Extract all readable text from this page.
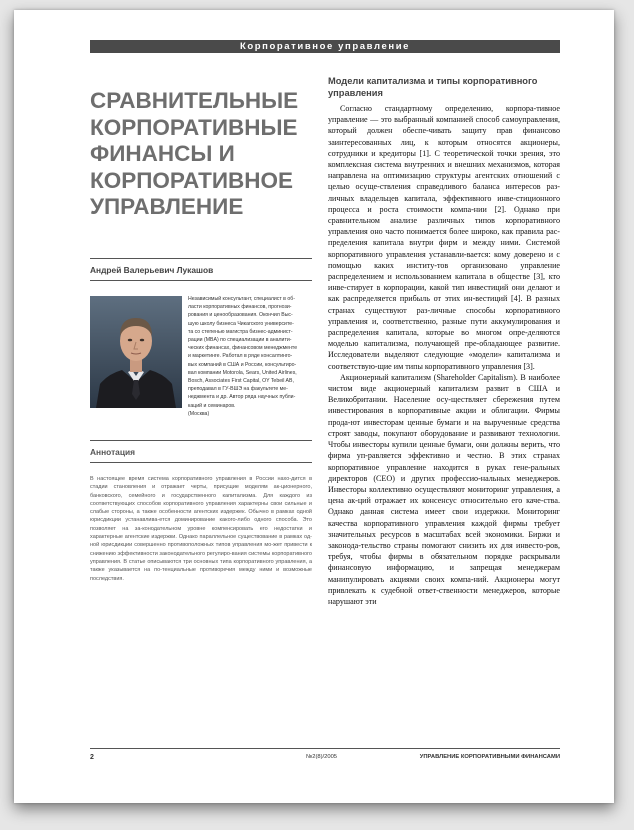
Корпоративное управление
СРАВНИТЕЛЬНЫЕ КОРПОРАТИВНЫЕ ФИНАНСЫ И КОРПОРАТИВНОЕ УПРАВЛЕНИЕ
Андрей Валерьевич Лукашов
Независимый консультант, специалист в об-
ласти корпоративных финансов, прогнози-
рования и ценообразования. Окончил Выс-
шую школу бизнеса Чикагского университе-
та со степенью магистра бизнес-админист-
рации (MBA) по специализации в аналити-
ческих финансах, финансовом менеджменте
и маркетинге. Работал в ряде консалтинго-
вых компаний в США и России, консультиро-
вал компании Motorola, Sears, United Airlines,
Bosch, Associates First Capital, OY Tebeil AB,
преподавал в ГУ-ВШЭ на факультете ме-
неджмента и др. Автор ряда научных публи-
каций и семинаров.
(Москва)
Аннотация

В настоящее время система корпоративного управления в России нахо-дится в стадии становления и отражает черты, присущие моделям ак-ционерного, банковского, семейного и государственного капитализма. Для каждого из соответствующих способов корпоративного управления характерны свои сильные и слабые стороны, а также особенности агентских издержек. Обычно в рамках одной юрисдикции устанавлива-ется доминирование какого-либо одного способа. Это позволяет на за-конодательном уровне компенсировать его недостатки и характерные агентские издержки. Однако параллельное существование в рамках од-ной юрисдикции совершенно противоположных типов управления мо-жет привести к снижению эффективности законодательного регулиро-вания системы корпоративного управления. В статье описываются три основных типа корпоративного управления, а также указывается на по-тенциальные противоречия между ними и возможные последствия.

Модели капитализма и типы корпоративного управления

Согласно стандартному определению, корпора-тивное управление — это выбранный компанией способ самоуправления, который должен обеспе-чивать защиту прав финансово заинтересованных лиц, к которым относятся акционеры, сотрудники и кредиторы [1]. С теоретической точки зрения, это комплексная система внутренних и внешних механизмов, которая направлена на оптимизацию структуры агентских отношений с целью осуще-ствления справедливого баланса интересов раз-личных владельцев капитала, эффективного инве-стиционного процесса и роста стоимости компа-нии [2]. Однако при сравнительном анализе различных типов корпоративного управления оно часто понимается более широко, как правила рас-пределения капитала внутри фирм и между ними. Системой корпоративного управления устанавли-вается: кому доверено и с помощью каких институ-тов организовано управление распределением и использованием капитала в обществе [3], кто инве-стирует в корпорации, какой тип инвестиций они делают и как распределяется прибыль от этих ин-вестиций [4]. В разных странах существуют раз-личные способы корпоративного управления и, соответственно, разные пути аккумулирования и распределения капитала, которые во многом опре-деляются моделью капитализма, получающей пре-обладающее развитие. Исследователи выделяют следующие «модели» капитализма и соответствую-щие им типы корпоративного управления [3].

Акционерный капитализм (Shareholder Capitalism). В наиболее чистом виде акционерный капитализм развит в США и Великобритании. Население осу-ществляет сбережения путем инвестирования в корпоративные акции и облигации. Фирмы прода-ют инвесторам ценные бумаги и на вырученные средства строят заводы, покупают оборудование и развивают технологии. Чтобы инвесторы купили ценные бумаги, они должны верить, что фирма уп-равляется эффективно и честно. В этих странах корпоративное управление находится в руках гене-ральных директоров (CEO) и других профессио-нальных менеджеров. Инвесторы коллективно осуществляют мониторинг управления, а цена ак-ций отражает их консенсус относительно его каче-ства. Однако данная система имеет свои издержки. Мониторинг качества корпоративного управления каждой фирмы требует значительных ресурсов в масштабах всей экономики. Биржи и законода-тельство страны помогают снизить их для инвесто-ров, требуя, чтобы фирмы в обязательном порядке раскрывали финансовую информацию, и запрещая менеджерам манипулировать акциями своих компа-ний. Акционеры могут привлекать к судебной ответ-ственности менеджеров, которые нарушают эти

2	№2(8)/2005	УПРАВЛЕНИЕ КОРПОРАТИВНЫМИ ФИНАНСАМИ
